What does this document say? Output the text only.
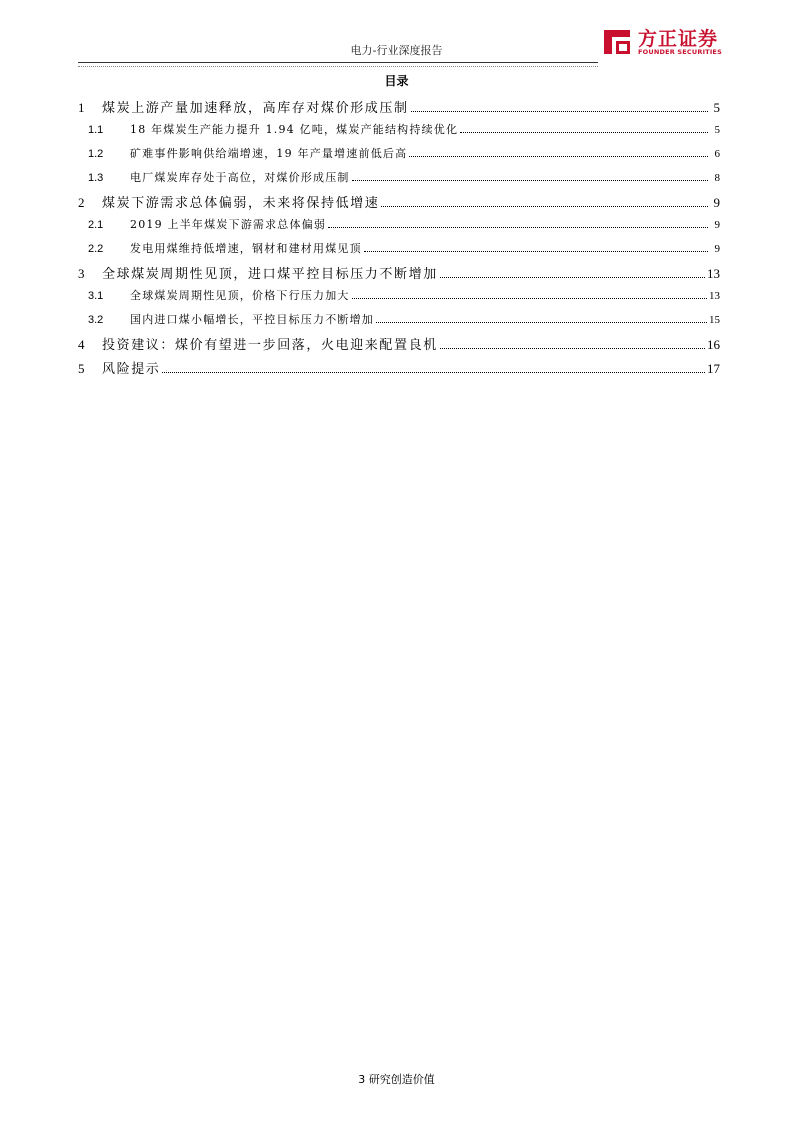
电力-行业深度报告
方正证券
FOUNDER SECURITIES
目录
1	煤炭上游产量加速释放，高库存对煤价形成压制	5
1.1	18 年煤炭生产能力提升 1.94 亿吨，煤炭产能结构持续优化	5
1.2	矿难事件影响供给端增速，19 年产量增速前低后高	6
1.3	电厂煤炭库存处于高位，对煤价形成压制	8
2	煤炭下游需求总体偏弱，未来将保持低增速	9
2.1	2019 上半年煤炭下游需求总体偏弱	9
2.2	发电用煤维持低增速，钢材和建材用煤见顶	9
3	全球煤炭周期性见顶，进口煤平控目标压力不断增加	13
3.1	全球煤炭周期性见顶，价格下行压力加大	13
3.2	国内进口煤小幅增长，平控目标压力不断增加	15
4	投资建议：煤价有望进一步回落，火电迎来配置良机	16
5	风险提示	17
3 研究创造价值
